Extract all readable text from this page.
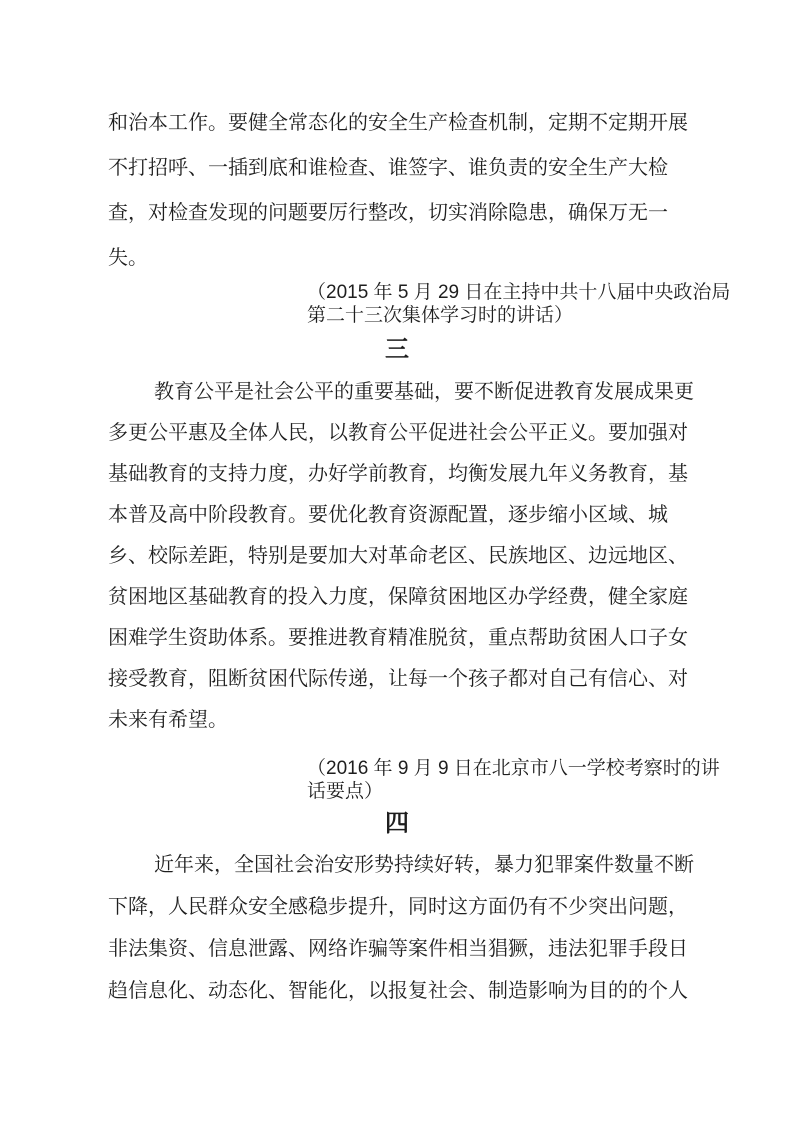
和治本工作。要健全常态化的安全生产检查机制，定期不定期开展
不打招呼、一插到底和谁检查、谁签字、谁负责的安全生产大检
查，对检查发现的问题要厉行整改，切实消除隐患，确保万无一
失。
（2015 年 5 月 29 日在主持中共十八届中央政治局
第二十三次集体学习时的讲话）
三
教育公平是社会公平的重要基础，要不断促进教育发展成果更
多更公平惠及全体人民，以教育公平促进社会公平正义。要加强对
基础教育的支持力度，办好学前教育，均衡发展九年义务教育，基
本普及高中阶段教育。要优化教育资源配置，逐步缩小区域、城
乡、校际差距，特别是要加大对革命老区、民族地区、边远地区、
贫困地区基础教育的投入力度，保障贫困地区办学经费，健全家庭
困难学生资助体系。要推进教育精准脱贫，重点帮助贫困人口子女
接受教育，阻断贫困代际传递，让每一个孩子都对自己有信心、对
未来有希望。
（2016 年 9 月 9 日在北京市八一学校考察时的讲
话要点）
四
近年来，全国社会治安形势持续好转，暴力犯罪案件数量不断
下降，人民群众安全感稳步提升，同时这方面仍有不少突出问题，
非法集资、信息泄露、网络诈骗等案件相当猖獗，违法犯罪手段日
趋信息化、动态化、智能化，以报复社会、制造影响为目的的个人
